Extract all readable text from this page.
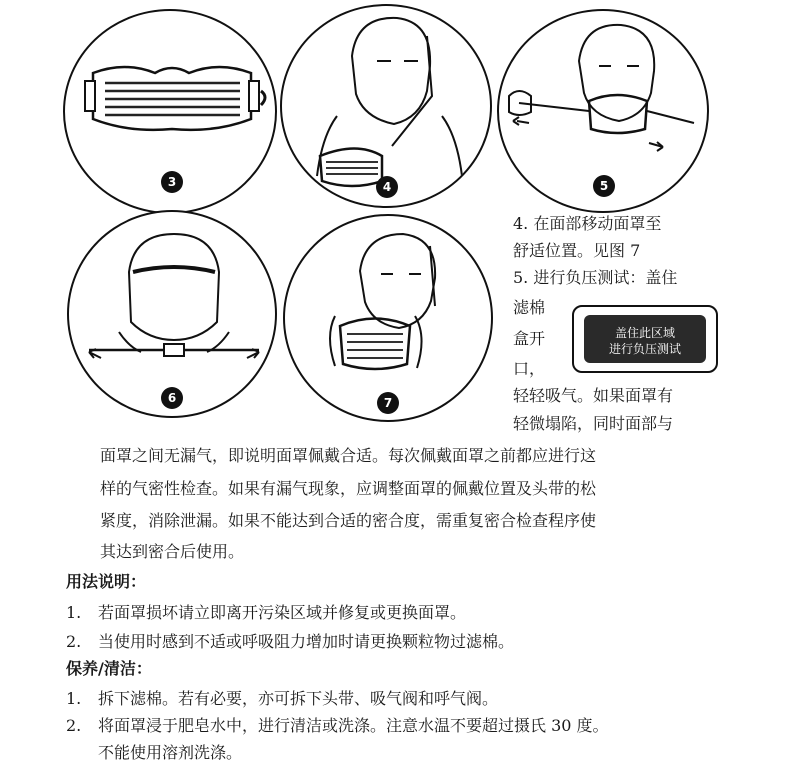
3	4	5
6	7
4. 在面部移动面罩至
舒适位置。见图 7
5. 进行负压测试：盖住
滤棉
盒开
口，
轻轻吸气。如果面罩有
轻微塌陷，同时面部与
盖住此区域
进行负压测试
面罩之间无漏气，即说明面罩佩戴合适。每次佩戴面罩之前都应进行这
样的气密性检查。如果有漏气现象，应调整面罩的佩戴位置及头带的松
紧度，消除泄漏。如果不能达到合适的密合度，需重复密合检查程序使
其达到密合后使用。
用法说明：
1. 若面罩损坏请立即离开污染区域并修复或更换面罩。
2. 当使用时感到不适或呼吸阻力增加时请更换颗粒物过滤棉。
保养/清洁：
1. 拆下滤棉。若有必要，亦可拆下头带、吸气阀和呼气阀。
2. 将面罩浸于肥皂水中，进行清洁或洗涤。注意水温不要超过摄氏 30 度。
不能使用溶剂洗涤。
